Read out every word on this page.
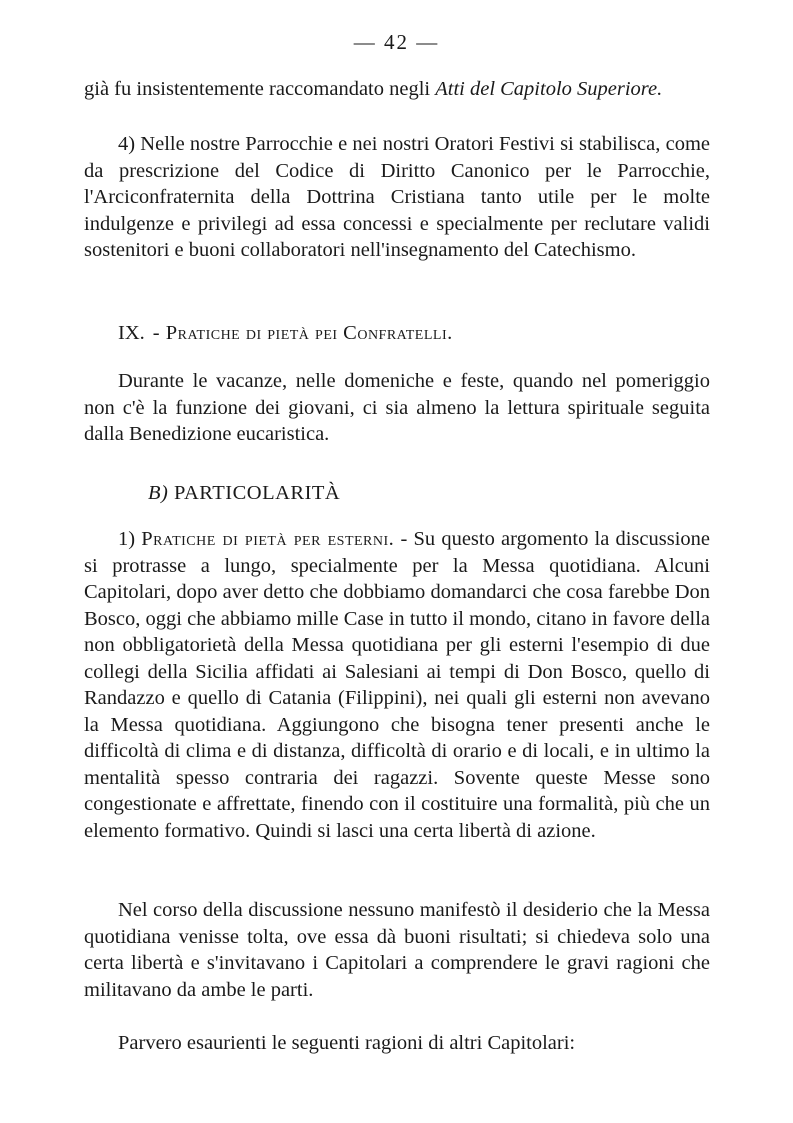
— 42 —

già fu insistentemente raccomandato negli Atti del Capitolo Superiore.

4) Nelle nostre Parrocchie e nei nostri Oratori Festivi si stabilisca, come da prescrizione del Codice di Diritto Canonico per le Parrocchie, l'Arciconfraternita della Dottrina Cristiana tanto utile per le molte indulgenze e privilegi ad essa concessi e specialmente per reclutare validi sostenitori e buoni collaboratori nell'insegnamento del Catechismo.

IX. - Pratiche di pietà pei Confratelli.

Durante le vacanze, nelle domeniche e feste, quando nel pomeriggio non c'è la funzione dei giovani, ci sia almeno la lettura spirituale seguita dalla Benedizione eucaristica.

B) PARTICOLARITÀ

1) Pratiche di pietà per esterni. - Su questo argomento la discussione si protrasse a lungo, specialmente per la Messa quotidiana. Alcuni Capitolari, dopo aver detto che dobbiamo domandarci che cosa farebbe Don Bosco, oggi che abbiamo mille Case in tutto il mondo, citano in favore della non obbligatorietà della Messa quotidiana per gli esterni l'esempio di due collegi della Sicilia affidati ai Salesiani ai tempi di Don Bosco, quello di Randazzo e quello di Catania (Filippini), nei quali gli esterni non avevano la Messa quotidiana. Aggiungono che bisogna tener presenti anche le difficoltà di clima e di distanza, difficoltà di orario e di locali, e in ultimo la mentalità spesso contraria dei ragazzi. Sovente queste Messe sono congestionate e affrettate, finendo con il costituire una formalità, più che un elemento formativo. Quindi si lasci una certa libertà di azione.

Nel corso della discussione nessuno manifestò il desiderio che la Messa quotidiana venisse tolta, ove essa dà buoni risultati; si chiedeva solo una certa libertà e s'invitavano i Capitolari a comprendere le gravi ragioni che militavano da ambe le parti.

Parvero esaurienti le seguenti ragioni di altri Capitolari:
